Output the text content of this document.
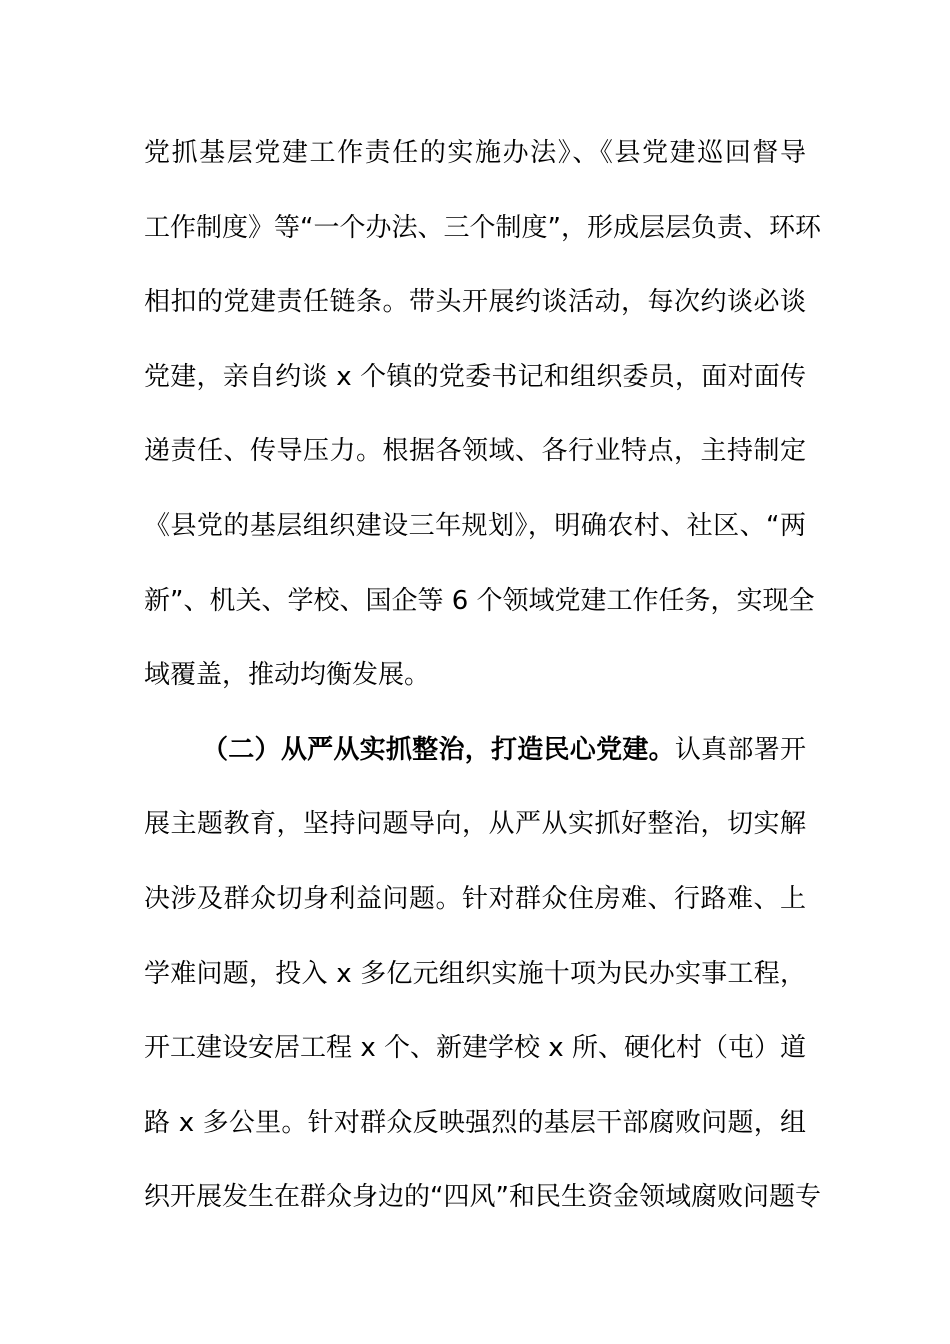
党抓基层党建工作责任的实施办法》、《县党建巡回督导
工作制度》等“一个办法、三个制度”，形成层层负责、环环
相扣的党建责任链条。带头开展约谈活动，每次约谈必谈
党建，亲自约谈 x 个镇的党委书记和组织委员，面对面传
递责任、传导压力。根据各领域、各行业特点，主持制定
《县党的基层组织建设三年规划》，明确农村、社区、“两
新”、机关、学校、国企等 6 个领域党建工作任务，实现全
域覆盖，推动均衡发展。
（二）从严从实抓整治，打造民心党建。认真部署开
展主题教育，坚持问题导向，从严从实抓好整治，切实解
决涉及群众切身利益问题。针对群众住房难、行路难、上
学难问题，投入 x 多亿元组织实施十项为民办实事工程，
开工建设安居工程 x 个、新建学校 x 所、硬化村（屯）道
路 x 多公里。针对群众反映强烈的基层干部腐败问题，组
织开展发生在群众身边的“四风”和民生资金领域腐败问题专
